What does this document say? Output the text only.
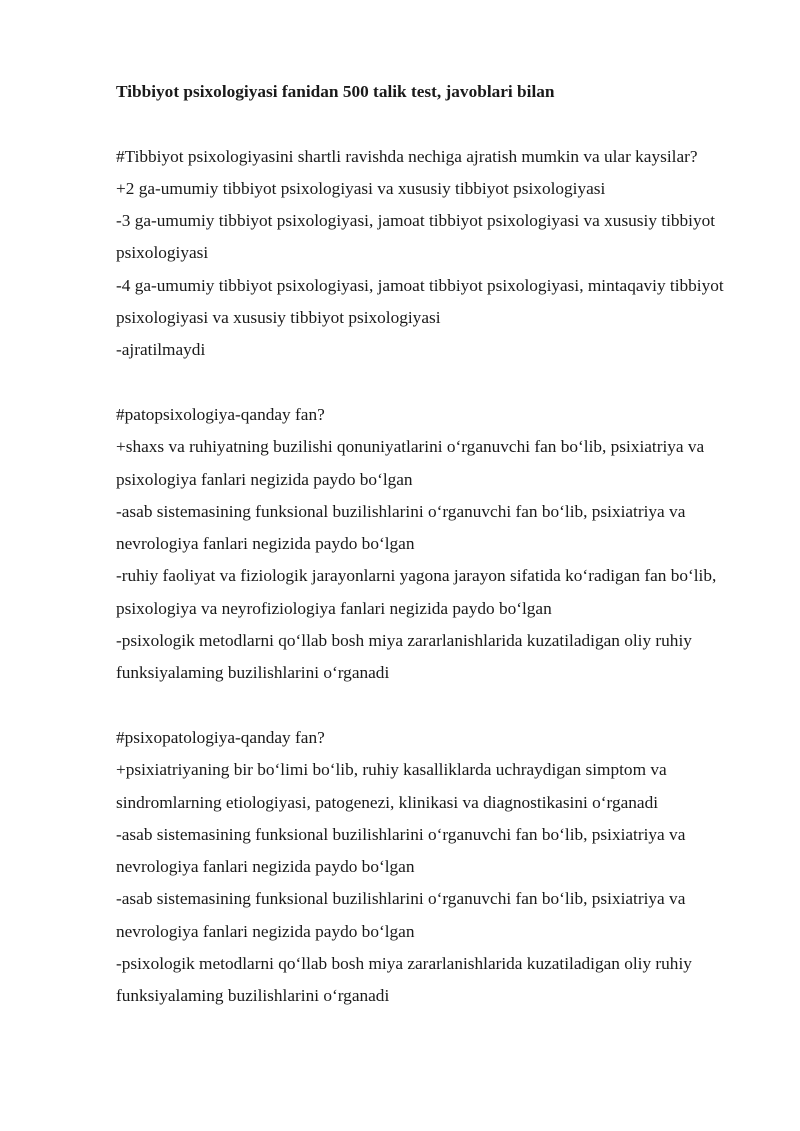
Tibbiyot psixologiyasi fanidan 500 talik test, javoblari bilan

#Tibbiyot psixologiyasini shartli ravishda nechiga ajratish mumkin va ular kaysilar?

+2 ga-umumiy tibbiyot psixologiyasi va xususiy tibbiyot psixologiyasi

-3 ga-umumiy tibbiyot psixologiyasi, jamoat tibbiyot psixologiyasi va xususiy tibbiyot psixologiyasi

-4 ga-umumiy tibbiyot psixologiyasi, jamoat tibbiyot psixologiyasi, mintaqaviy tibbiyot psixologiyasi va xususiy tibbiyot psixologiyasi

-ajratilmaydi

#patopsixologiya-qanday fan?

+shaxs va ruhiyatning buzilishi qonuniyatlarini o‘rganuvchi fan bo‘lib, psixiatriya va psixologiya fanlari negizida paydo bo‘lgan

-asab sistemasining funksional buzilishlarini o‘rganuvchi fan bo‘lib, psixiatriya va nevrologiya fanlari negizida paydo bo‘lgan

-ruhiy faoliyat va fiziologik jarayonlarni yagona jarayon sifatida ko‘radigan fan bo‘lib, psixologiya va neyrofiziologiya fanlari negizida paydo bo‘lgan

-psixologik metodlarni qo‘llab bosh miya zararlanishlarida kuzatiladigan oliy ruhiy funksiyalaming buzilishlarini o‘rganadi

#psixopatologiya-qanday fan?

+psixiatriyaning bir bo‘limi bo‘lib, ruhiy kasalliklarda uchraydigan simptom va sindromlarning etiologiyasi, patogenezi, klinikasi va diagnostikasini o‘rganadi

-asab sistemasining funksional buzilishlarini o‘rganuvchi fan bo‘lib, psixiatriya va nevrologiya fanlari negizida paydo bo‘lgan

-asab sistemasining funksional buzilishlarini o‘rganuvchi fan bo‘lib, psixiatriya va nevrologiya fanlari negizida paydo bo‘lgan

-psixologik metodlarni qo‘llab bosh miya zararlanishlarida kuzatiladigan oliy ruhiy funksiyalaming buzilishlarini o‘rganadi
